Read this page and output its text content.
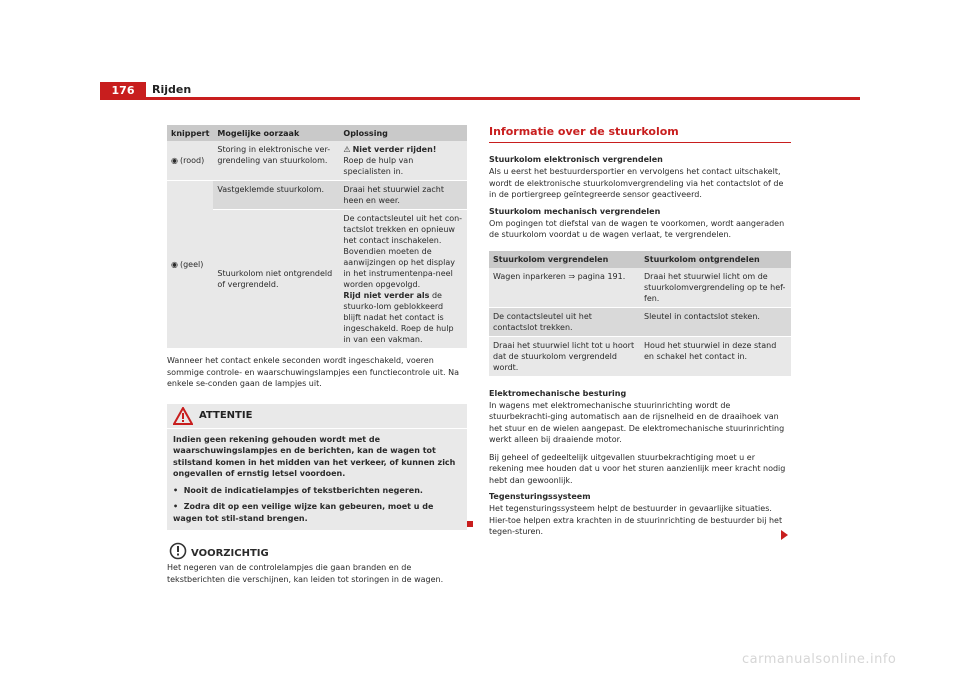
176	Rijden
knippert	Mogelijke oorzaak	Oplossing
◉ (rood)	Storing in elektronische ver-grendeling van stuurkolom.	⚠ Niet verder rijden!
Roep de hulp van specialisten in.
◉ (geel)	Vastgeklemde stuurkolom.	Draai het stuurwiel zacht heen en weer.
	Stuurkolom niet ontgrendeld of vergrendeld.	De contactsleutel uit het con-tactslot trekken en opnieuw het contact inschakelen. Bovendien moeten de aanwijzingen op het display in het instrumentenpa-neel worden opgevolgd.
Rijd niet verder als de stuurko-lom geblokkeerd blijft nadat het contact is ingeschakeld. Roep de hulp in van een vakman.

Wanneer het contact enkele seconden wordt ingeschakeld, voeren sommige controle- en waarschuwingslampjes een functiecontrole uit. Na enkele se-conden gaan de lampjes uit.

ATTENTIE

Indien geen rekening gehouden wordt met de waarschuwingslampjes en de berichten, kan de wagen tot stilstand komen in het midden van het verkeer, of kunnen zich ongevallen of ernstig letsel voordoen.

•  Nooit de indicatielampjes of tekstberichten negeren.

•  Zodra dit op een veilige wijze kan gebeuren, moet u de wagen tot stil-stand brengen.

VOORZICHTIG
Het negeren van de controlelampjes die gaan branden en de tekstberichten die verschijnen, kan leiden tot storingen in de wagen.
Informatie over de stuurkolom
Stuurkolom elektronisch vergrendelen

Als u eerst het bestuurdersportier en vervolgens het contact uitschakelt, wordt de elektronische stuurkolomvergrendeling via het contactslot of de in de portiergreep geïntegreerde sensor geactiveerd.

Stuurkolom mechanisch vergrendelen

Om pogingen tot diefstal van de wagen te voorkomen, wordt aangeraden de stuurkolom voordat u de wagen verlaat, te vergrendelen.

Stuurkolom vergrendelen	Stuurkolom ontgrendelen
Wagen inparkeren ⇒ pagina 191.	Draai het stuurwiel licht om de stuurkolomvergrendeling op te hef-fen.
De contactsleutel uit het contactslot trekken.	Sleutel in contactslot steken.
Draai het stuurwiel licht tot u hoort dat de stuurkolom vergrendeld wordt.	Houd het stuurwiel in deze stand en schakel het contact in.
Elektromechanische besturing

In wagens met elektromechanische stuurinrichting wordt de stuurbekrachti-ging automatisch aan de rijsnelheid en de draaihoek van het stuur en de wielen aangepast. De elektromechanische stuurinrichting werkt alleen bij draaiende motor.

Bij geheel of gedeeltelijk uitgevallen stuurbekrachtiging moet u er rekening mee houden dat u voor het sturen aanzienlijk meer kracht nodig hebt dan gewoonlijk.

Tegensturingssysteem

Het tegensturingssysteem helpt de bestuurder in gevaarlijke situaties. Hier-toe helpen extra krachten in de stuurinrichting de bestuurder bij het tegen-sturen.

carmanualsonline.info
